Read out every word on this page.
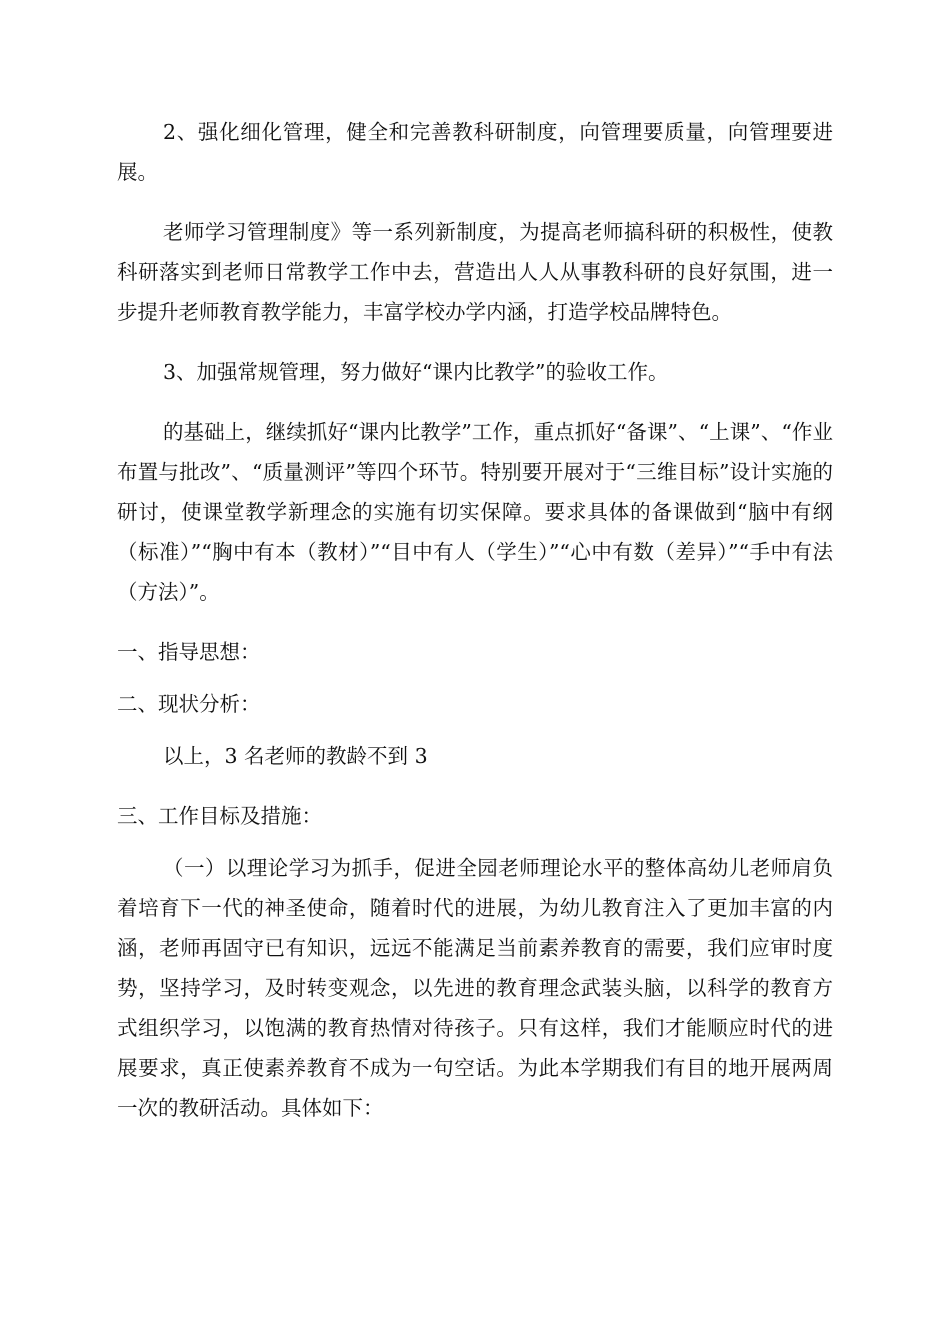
2、强化细化管理，健全和完善教科研制度，向管理要质量，向管理要进展。

老师学习管理制度》等一系列新制度，为提高老师搞科研的积极性，使教科研落实到老师日常教学工作中去，营造出人人从事教科研的良好氛围，进一步提升老师教育教学能力，丰富学校办学内涵，打造学校品牌特色。

3、加强常规管理，努力做好“课内比教学”的验收工作。

的基础上，继续抓好“课内比教学”工作，重点抓好“备课”、“上课”、“作业布置与批改”、“质量测评”等四个环节。特别要开展对于“三维目标”设计实施的研讨，使课堂教学新理念的实施有切实保障。要求具体的备课做到“脑中有纲（标准）”“胸中有本（教材）”“目中有人（学生）”“心中有数（差异）”“手中有法（方法）”。

一、指导思想：

二、现状分析：

以上，3 名老师的教龄不到 3

三、工作目标及措施：

（一）以理论学习为抓手，促进全园老师理论水平的整体高幼儿老师肩负着培育下一代的神圣使命，随着时代的进展，为幼儿教育注入了更加丰富的内涵，老师再固守已有知识，远远不能满足当前素养教育的需要，我们应审时度势，坚持学习，及时转变观念，以先进的教育理念武装头脑，以科学的教育方式组织学习，以饱满的教育热情对待孩子。只有这样，我们才能顺应时代的进展要求，真正使素养教育不成为一句空话。为此本学期我们有目的地开展两周一次的教研活动。具体如下：
